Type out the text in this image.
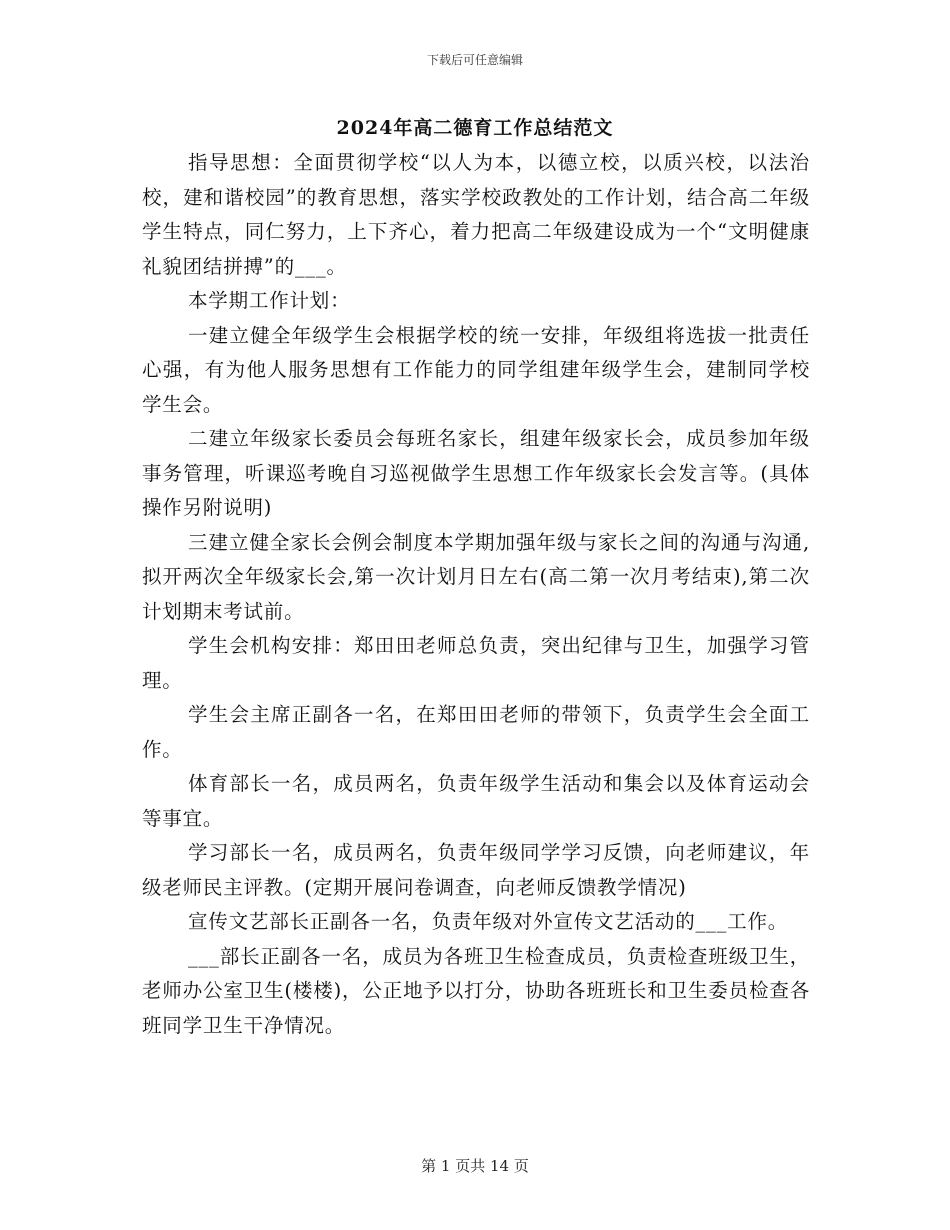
下载后可任意编辑
2024年高二德育工作总结范文

指导思想：全面贯彻学校“以人为本，以德立校，以质兴校，以法治校，建和谐校园”的教育思想，落实学校政教处的工作计划，结合高二年级学生特点，同仁努力，上下齐心，着力把高二年级建设成为一个“文明健康礼貌团结拼搏”的___。

本学期工作计划：

一建立健全年级学生会根据学校的统一安排，年级组将选拔一批责任心强，有为他人服务思想有工作能力的同学组建年级学生会，建制同学校学生会。

二建立年级家长委员会每班名家长，组建年级家长会，成员参加年级事务管理，听课巡考晚自习巡视做学生思想工作年级家长会发言等。(具体操作另附说明)

三建立健全家长会例会制度本学期加强年级与家长之间的沟通与沟通,拟开两次全年级家长会,第一次计划月日左右(高二第一次月考结束),第二次计划期末考试前。

学生会机构安排：郑田田老师总负责，突出纪律与卫生，加强学习管理。

学生会主席正副各一名，在郑田田老师的带领下，负责学生会全面工作。

体育部长一名，成员两名，负责年级学生活动和集会以及体育运动会等事宜。

学习部长一名，成员两名，负责年级同学学习反馈，向老师建议，年级老师民主评教。(定期开展问卷调查，向老师反馈教学情况)

宣传文艺部长正副各一名，负责年级对外宣传文艺活动的___工作。

___部长正副各一名，成员为各班卫生检查成员，负责检查班级卫生，老师办公室卫生(楼楼)，公正地予以打分，协助各班班长和卫生委员检查各班同学卫生干净情况。

第 1 页共 14 页
